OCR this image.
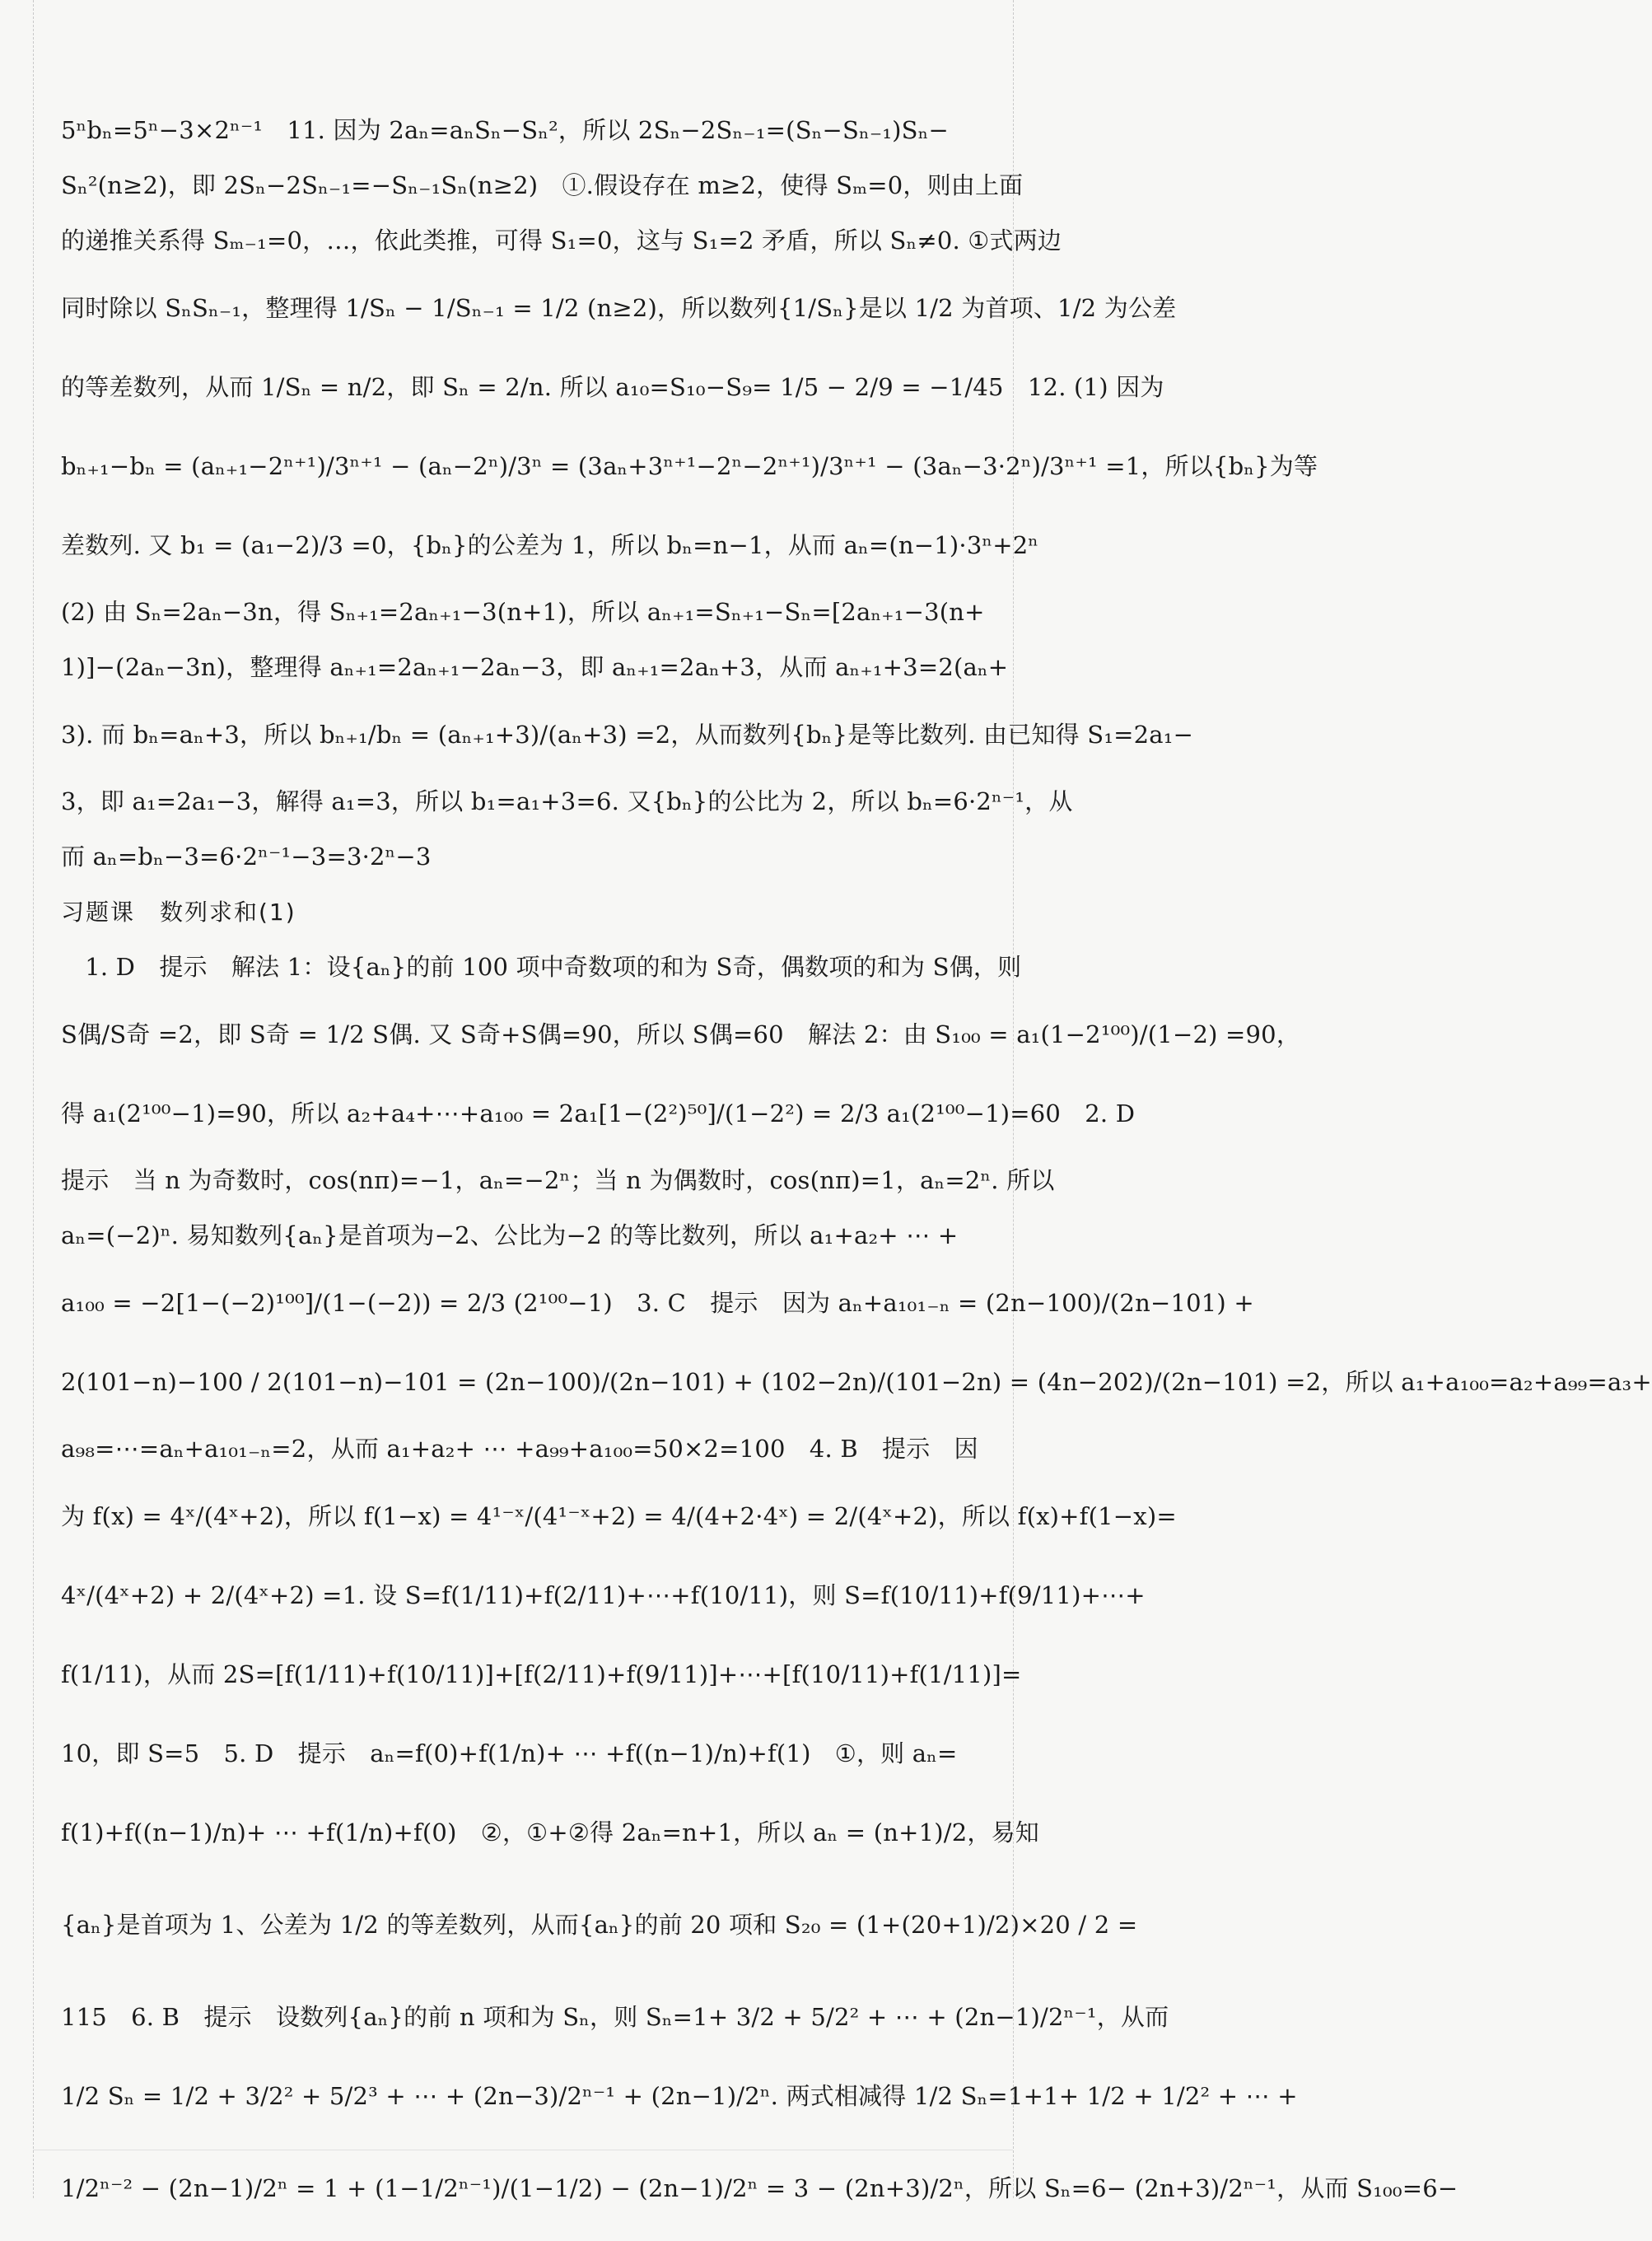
5ⁿbₙ=5ⁿ−3×2ⁿ⁻¹　11. 因为 2aₙ=aₙSₙ−Sₙ²，所以 2Sₙ−2Sₙ₋₁=(Sₙ−Sₙ₋₁)Sₙ−
Sₙ²(n≥2)，即 2Sₙ−2Sₙ₋₁=−Sₙ₋₁Sₙ(n≥2)　①.假设存在 m≥2，使得 Sₘ=0，则由上面
的递推关系得 Sₘ₋₁=0，…，依此类推，可得 S₁=0，这与 S₁=2 矛盾，所以 Sₙ≠0. ①式两边
同时除以 SₙSₙ₋₁，整理得 1/Sₙ − 1/Sₙ₋₁ = 1/2 (n≥2)，所以数列{1/Sₙ}是以 1/2 为首项、1/2 为公差
的等差数列，从而 1/Sₙ = n/2，即 Sₙ = 2/n. 所以 a₁₀=S₁₀−S₉= 1/5 − 2/9 = −1/45　12. (1) 因为
bₙ₊₁−bₙ = (aₙ₊₁−2ⁿ⁺¹)/3ⁿ⁺¹ − (aₙ−2ⁿ)/3ⁿ = (3aₙ+3ⁿ⁺¹−2ⁿ−2ⁿ⁺¹)/3ⁿ⁺¹ − (3aₙ−3·2ⁿ)/3ⁿ⁺¹ =1，所以{bₙ}为等
差数列. 又 b₁ = (a₁−2)/3 =0，{bₙ}的公差为 1，所以 bₙ=n−1，从而 aₙ=(n−1)·3ⁿ+2ⁿ
(2) 由 Sₙ=2aₙ−3n，得 Sₙ₊₁=2aₙ₊₁−3(n+1)，所以 aₙ₊₁=Sₙ₊₁−Sₙ=[2aₙ₊₁−3(n+
1)]−(2aₙ−3n)，整理得 aₙ₊₁=2aₙ₊₁−2aₙ−3，即 aₙ₊₁=2aₙ+3，从而 aₙ₊₁+3=2(aₙ+
3). 而 bₙ=aₙ+3，所以 bₙ₊₁/bₙ = (aₙ₊₁+3)/(aₙ+3) =2，从而数列{bₙ}是等比数列. 由已知得 S₁=2a₁−
3，即 a₁=2a₁−3，解得 a₁=3，所以 b₁=a₁+3=6. 又{bₙ}的公比为 2，所以 bₙ=6·2ⁿ⁻¹，从
而 aₙ=bₙ−3=6·2ⁿ⁻¹−3=3·2ⁿ−3
习题课　数列求和(1)
　1. D　提示　解法 1：设{aₙ}的前 100 项中奇数项的和为 S奇，偶数项的和为 S偶，则
S偶/S奇 =2，即 S奇 = 1/2 S偶. 又 S奇+S偶=90，所以 S偶=60　解法 2：由 S₁₀₀ = a₁(1−2¹⁰⁰)/(1−2) =90，
得 a₁(2¹⁰⁰−1)=90，所以 a₂+a₄+⋯+a₁₀₀ = 2a₁[1−(2²)⁵⁰]/(1−2²) = 2/3 a₁(2¹⁰⁰−1)=60　2. D
提示　当 n 为奇数时，cos(nπ)=−1，aₙ=−2ⁿ；当 n 为偶数时，cos(nπ)=1，aₙ=2ⁿ. 所以
aₙ=(−2)ⁿ. 易知数列{aₙ}是首项为−2、公比为−2 的等比数列，所以 a₁+a₂+ ⋯ +
a₁₀₀ = −2[1−(−2)¹⁰⁰]/(1−(−2)) = 2/3 (2¹⁰⁰−1)　3. C　提示　因为 aₙ+a₁₀₁₋ₙ = (2n−100)/(2n−101) +
2(101−n)−100 / 2(101−n)−101 = (2n−100)/(2n−101) + (102−2n)/(101−2n) = (4n−202)/(2n−101) =2，所以 a₁+a₁₀₀=a₂+a₉₉=a₃+
a₉₈=⋯=aₙ+a₁₀₁₋ₙ=2，从而 a₁+a₂+ ⋯ +a₉₉+a₁₀₀=50×2=100　4. B　提示　因
为 f(x) = 4ˣ/(4ˣ+2)，所以 f(1−x) = 4¹⁻ˣ/(4¹⁻ˣ+2) = 4/(4+2·4ˣ) = 2/(4ˣ+2)，所以 f(x)+f(1−x)=
4ˣ/(4ˣ+2) + 2/(4ˣ+2) =1. 设 S=f(1/11)+f(2/11)+⋯+f(10/11)，则 S=f(10/11)+f(9/11)+⋯+
f(1/11)，从而 2S=[f(1/11)+f(10/11)]+[f(2/11)+f(9/11)]+⋯+[f(10/11)+f(1/11)]=
10，即 S=5　5. D　提示　aₙ=f(0)+f(1/n)+ ⋯ +f((n−1)/n)+f(1)　①，则 aₙ=
f(1)+f((n−1)/n)+ ⋯ +f(1/n)+f(0)　②，①+②得 2aₙ=n+1，所以 aₙ = (n+1)/2，易知
{aₙ}是首项为 1、公差为 1/2 的等差数列，从而{aₙ}的前 20 项和 S₂₀ = (1+(20+1)/2)×20 / 2 =
115　6. B　提示　设数列{aₙ}的前 n 项和为 Sₙ，则 Sₙ=1+ 3/2 + 5/2² + ⋯ + (2n−1)/2ⁿ⁻¹，从而
1/2 Sₙ = 1/2 + 3/2² + 5/2³ + ⋯ + (2n−3)/2ⁿ⁻¹ + (2n−1)/2ⁿ. 两式相减得 1/2 Sₙ=1+1+ 1/2 + 1/2² + ⋯ +
1/2ⁿ⁻² − (2n−1)/2ⁿ = 1 + (1−1/2ⁿ⁻¹)/(1−1/2) − (2n−1)/2ⁿ = 3 − (2n+3)/2ⁿ，所以 Sₙ=6− (2n+3)/2ⁿ⁻¹，从而 S₁₀₀=6−
